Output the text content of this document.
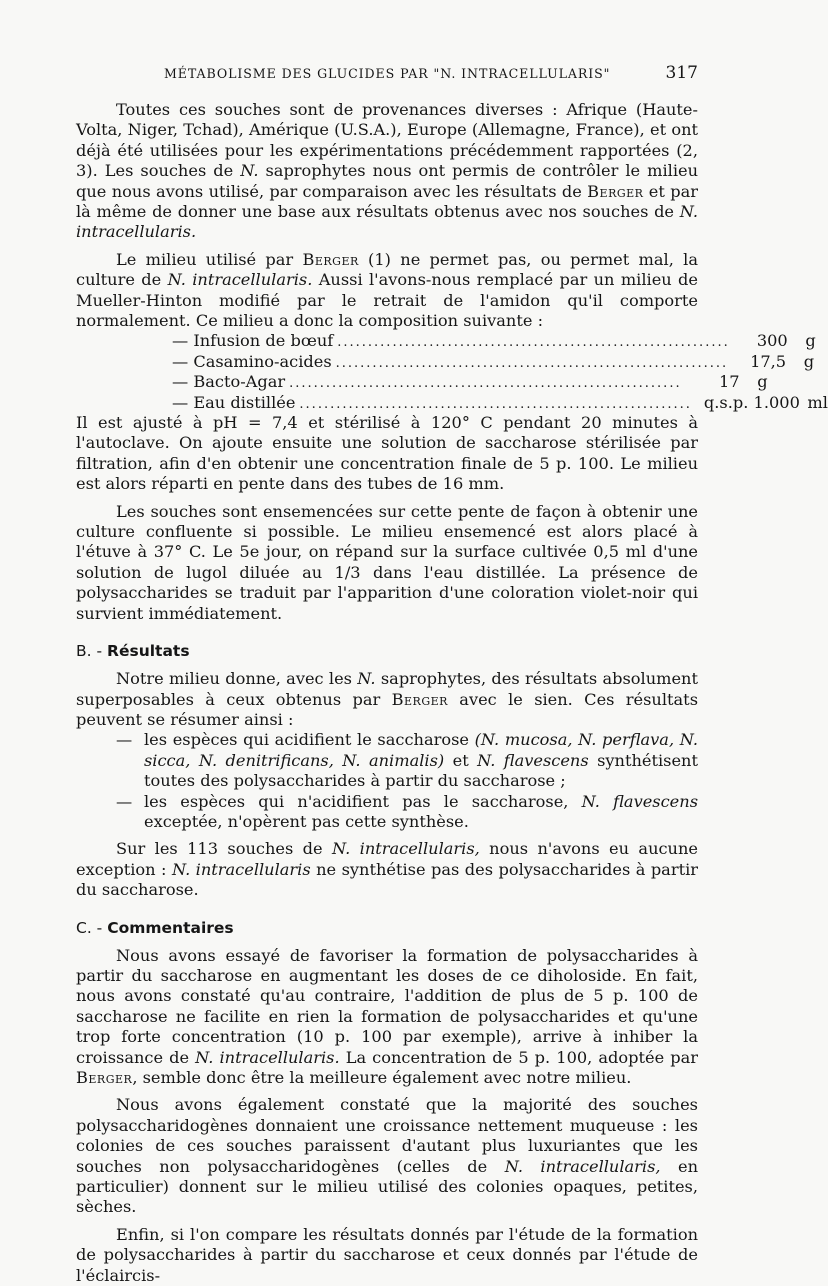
MÉTABOLISME DES GLUCIDES PAR "N. INTRACELLULARIS"	317

Toutes ces souches sont de provenances diverses : Afrique (Haute-Volta, Niger, Tchad), Amérique (U.S.A.), Europe (Allemagne, France), et ont déjà été utilisées pour les expérimentations précédemment rapportées (2, 3). Les souches de N. saprophytes nous ont permis de contrôler le milieu que nous avons utilisé, par comparaison avec les résultats de Berger et par là même de donner une base aux résultats obtenus avec nos souches de N. intracellularis.

Le milieu utilisé par Berger (1) ne permet pas, ou permet mal, la culture de N. intracellularis. Aussi l'avons-nous remplacé par un milieu de Mueller-Hinton modifié par le retrait de l'amidon qu'il comporte normalement. Ce milieu a donc la composition suivante :

— Infusion de bœuf ................................................................	300 g
— Casamino-acides ................................................................	17,5 g
— Bacto-Agar ................................................................	17 g
— Eau distillée ................................................................ q.s.p. 1.000 ml

Il est ajusté à pH = 7,4 et stérilisé à 120° C pendant 20 minutes à l'autoclave. On ajoute ensuite une solution de saccharose stérilisée par filtration, afin d'en obtenir une concentration finale de 5 p. 100. Le milieu est alors réparti en pente dans des tubes de 16 mm.

Les souches sont ensemencées sur cette pente de façon à obtenir une culture confluente si possible. Le milieu ensemencé est alors placé à l'étuve à 37° C. Le 5e jour, on répand sur la surface cultivée 0,5 ml d'une solution de lugol diluée au 1/3 dans l'eau distillée. La présence de polysaccharides se traduit par l'apparition d'une coloration violet-noir qui survient immédiatement.

B. - Résultats

Notre milieu donne, avec les N. saprophytes, des résultats absolument superposables à ceux obtenus par Berger avec le sien. Ces résultats peuvent se résumer ainsi :

— les espèces qui acidifient le saccharose (N. mucosa, N. perflava, N. sicca, N. denitrificans, N. animalis) et N. flavescens synthétisent toutes des polysaccharides à partir du saccharose ;
— les espèces qui n'acidifient pas le saccharose, N. flavescens exceptée, n'opèrent pas cette synthèse.

Sur les 113 souches de N. intracellularis, nous n'avons eu aucune exception : N. intracellularis ne synthétise pas des polysaccharides à partir du saccharose.

C. - Commentaires

Nous avons essayé de favoriser la formation de polysaccharides à partir du saccharose en augmentant les doses de ce diholoside. En fait, nous avons constaté qu'au contraire, l'addition de plus de 5 p. 100 de saccharose ne facilite en rien la formation de polysaccharides et qu'une trop forte concentration (10 p. 100 par exemple), arrive à inhiber la croissance de N. intracellularis. La concentration de 5 p. 100, adoptée par Berger, semble donc être la meilleure également avec notre milieu.

Nous avons également constaté que la majorité des souches polysaccharidogènes donnaient une croissance nettement muqueuse : les colonies de ces souches paraissent d'autant plus luxuriantes que les souches non polysaccharidogènes (celles de N. intracellularis, en particulier) donnent sur le milieu utilisé des colonies opaques, petites, sèches.

Enfin, si l'on compare les résultats donnés par l'étude de la formation de polysaccharides à partir du saccharose et ceux donnés par l'étude de l'éclaircis-
